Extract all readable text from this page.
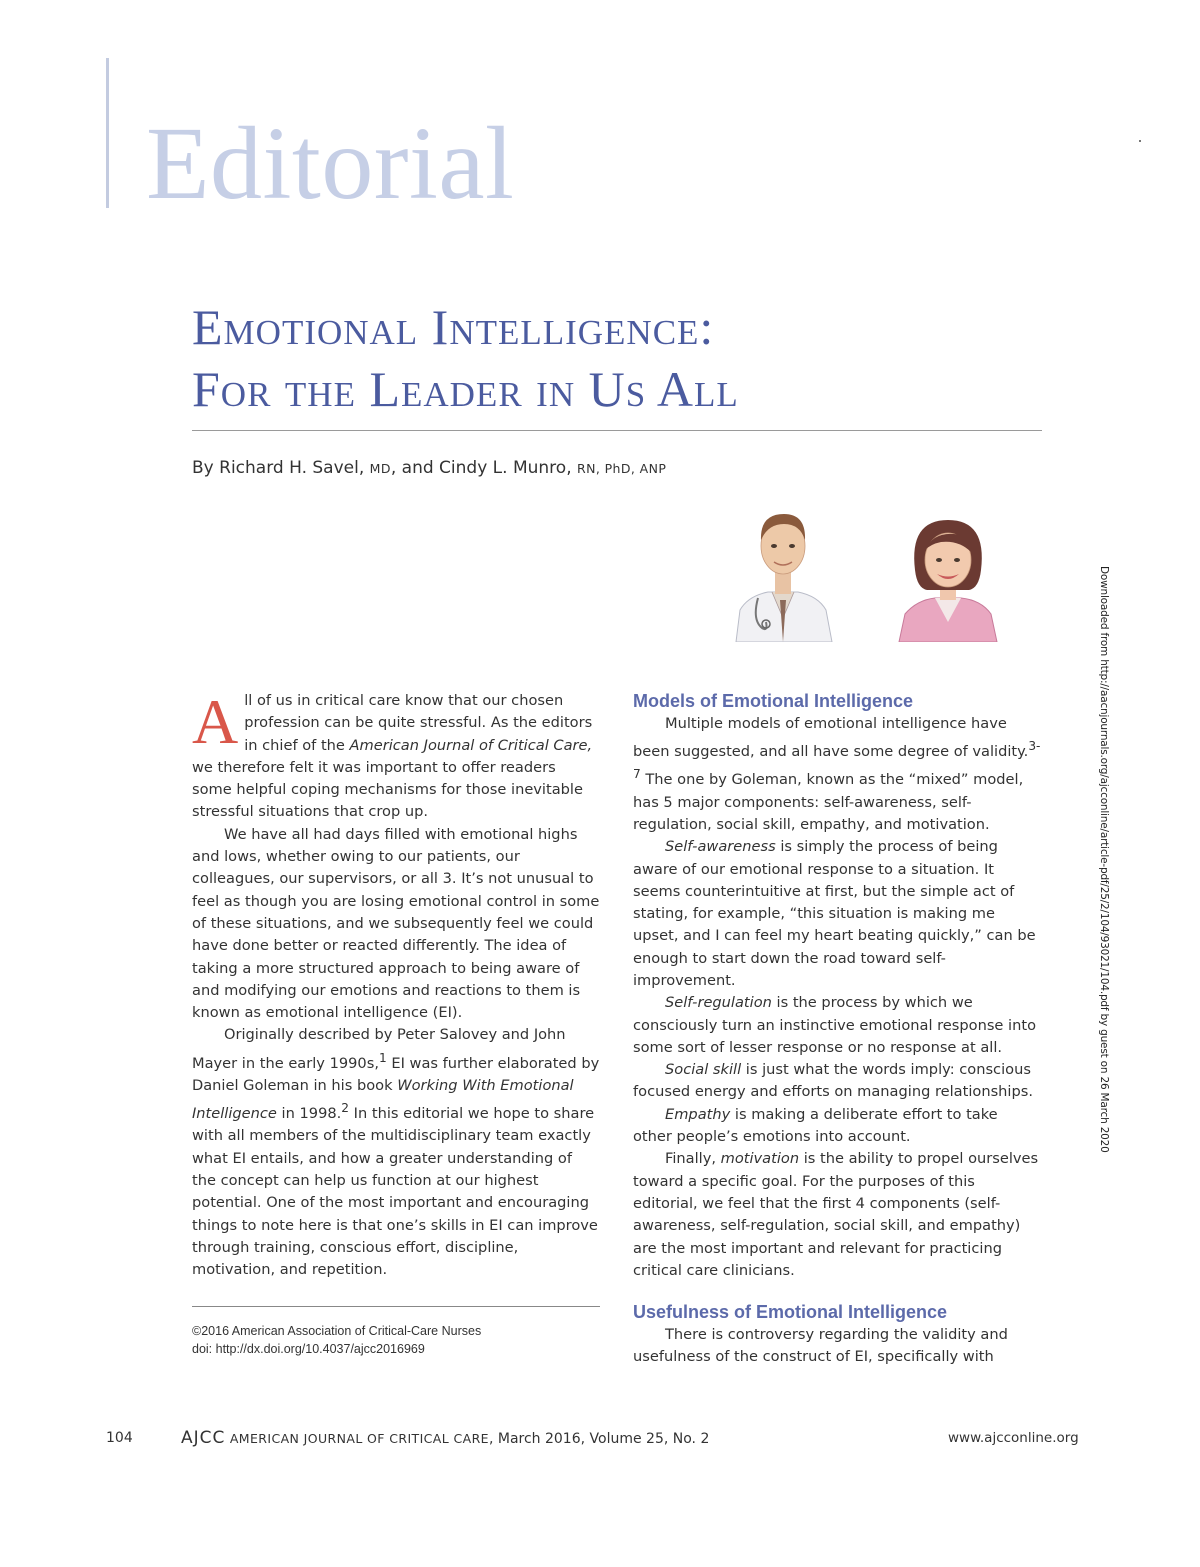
Editorial
Emotional Intelligence:
For the Leader in Us All
By Richard H. Savel, MD, and Cindy L. Munro, RN, PhD, ANP
Downloaded from http://aacnjournals.org/ajcconline/article-pdf/25/2/104/93021/104.pdf by guest on 26 March 2020

All of us in critical care know that our chosen profession can be quite stressful. As the editors in chief of the American Journal of Critical Care, we therefore felt it was important to offer readers some helpful coping mechanisms for those inevitable stressful situations that crop up.

We have all had days filled with emotional highs and lows, whether owing to our patients, our colleagues, our supervisors, or all 3. It’s not unusual to feel as though you are losing emotional control in some of these situations, and we subsequently feel we could have done better or reacted differently. The idea of taking a more structured approach to being aware of and modifying our emotions and reactions to them is known as emotional intelligence (EI).

Originally described by Peter Salovey and John Mayer in the early 1990s,$^1$ EI was further elaborated by Daniel Goleman in his book Working With Emotional Intelligence in 1998.$^2$ In this editorial we hope to share with all members of the multidisciplinary team exactly what EI entails, and how a greater understanding of the concept can help us function at our highest potential. One of the most important and encouraging things to note here is that one’s skills in EI can improve through training, conscious effort, discipline, motivation, and repetition.

Models of Emotional Intelligence

Multiple models of emotional intelligence have been suggested, and all have some degree of validity.$^{3-7}$ The one by Goleman, known as the “mixed” model, has 5 major components: self-awareness, self-regulation, social skill, empathy, and motivation.

Self-awareness is simply the process of being aware of our emotional response to a situation. It seems counterintuitive at first, but the simple act of stating, for example, “this situation is making me upset, and I can feel my heart beating quickly,” can be enough to start down the road toward self-improvement.

Self-regulation is the process by which we consciously turn an instinctive emotional response into some sort of lesser response or no response at all.

Social skill is just what the words imply: conscious focused energy and efforts on managing relationships.

Empathy is making a deliberate effort to take other people’s emotions into account.

Finally, motivation is the ability to propel ourselves toward a specific goal. For the purposes of this editorial, we feel that the first 4 components (self-awareness, self-regulation, social skill, and empathy) are the most important and relevant for practicing critical care clinicians.

Usefulness of Emotional Intelligence

There is controversy regarding the validity and usefulness of the construct of EI, specifically with

©2016 American Association of Critical-Care Nurses
doi: http://dx.doi.org/10.4037/ajcc2016969
104	AJCC AMERICAN JOURNAL OF CRITICAL CARE, March 2016, Volume 25, No. 2	www.ajcconline.org
